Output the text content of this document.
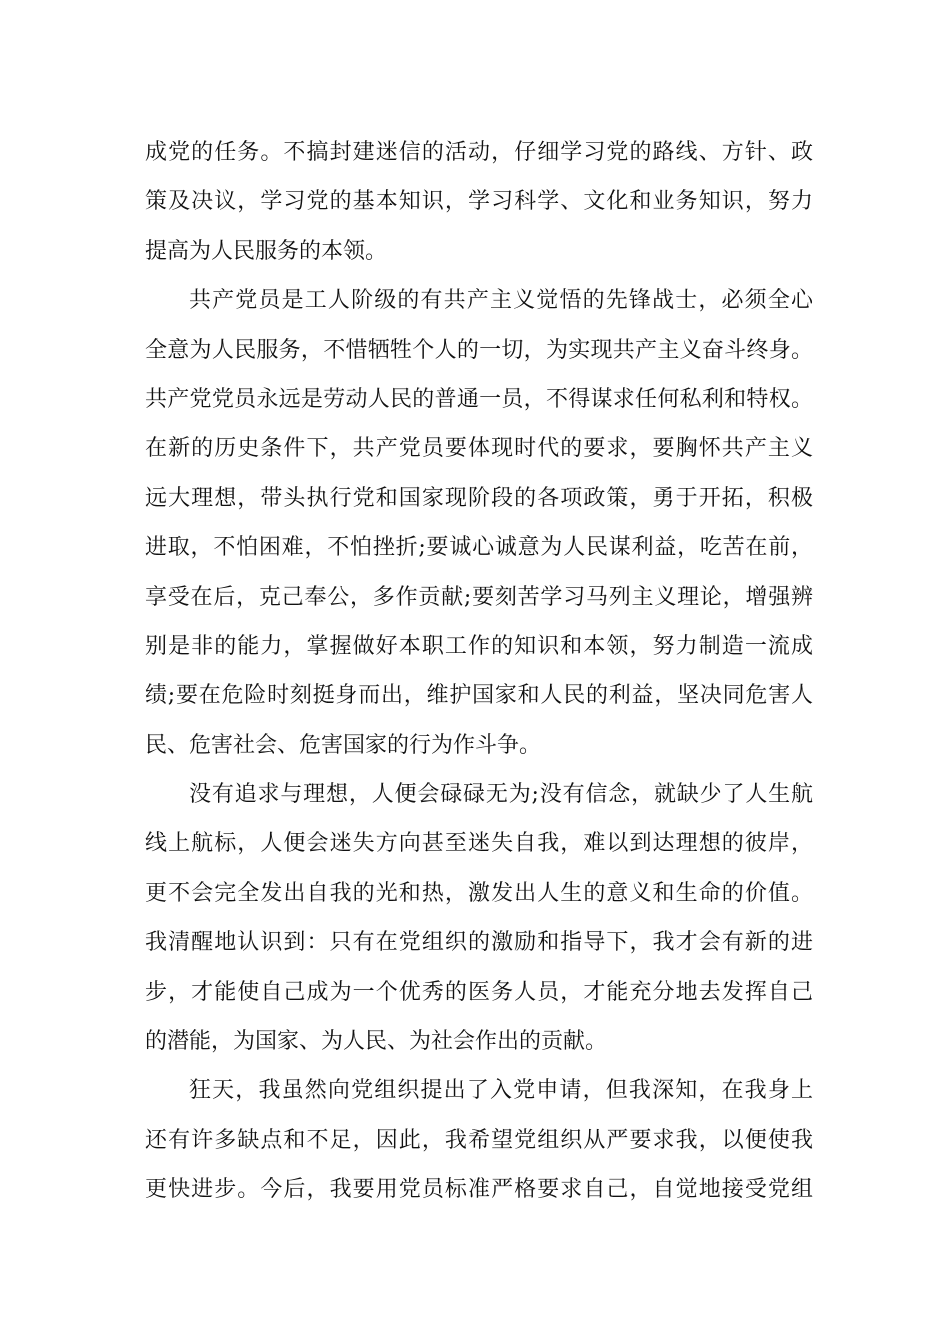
成党的任务。不搞封建迷信的活动，仔细学习党的路线、方针、政
策及决议，学习党的基本知识，学习科学、文化和业务知识，努力
提高为人民服务的本领。
共产党员是工人阶级的有共产主义觉悟的先锋战士，必须全心
全意为人民服务，不惜牺牲个人的一切，为实现共产主义奋斗终身。
共产党党员永远是劳动人民的普通一员，不得谋求任何私利和特权。
在新的历史条件下，共产党员要体现时代的要求，要胸怀共产主义
远大理想，带头执行党和国家现阶段的各项政策，勇于开拓，积极
进取，不怕困难，不怕挫折;要诚心诚意为人民谋利益，吃苦在前，
享受在后，克己奉公，多作贡献;要刻苦学习马列主义理论，增强辨
别是非的能力，掌握做好本职工作的知识和本领，努力制造一流成
绩;要在危险时刻挺身而出，维护国家和人民的利益，坚决同危害人
民、危害社会、危害国家的行为作斗争。
没有追求与理想，人便会碌碌无为;没有信念，就缺少了人生航
线上航标，人便会迷失方向甚至迷失自我，难以到达理想的彼岸，
更不会完全发出自我的光和热，激发出人生的意义和生命的价值。
我清醒地认识到：只有在党组织的激励和指导下，我才会有新的进
步，才能使自己成为一个优秀的医务人员，才能充分地去发挥自己
的潜能，为国家、为人民、为社会作出的贡献。
狂天，我虽然向党组织提出了入党申请，但我深知，在我身上
还有许多缺点和不足，因此，我希望党组织从严要求我，以便使我
更快进步。今后，我要用党员标准严格要求自己，自觉地接受党组
